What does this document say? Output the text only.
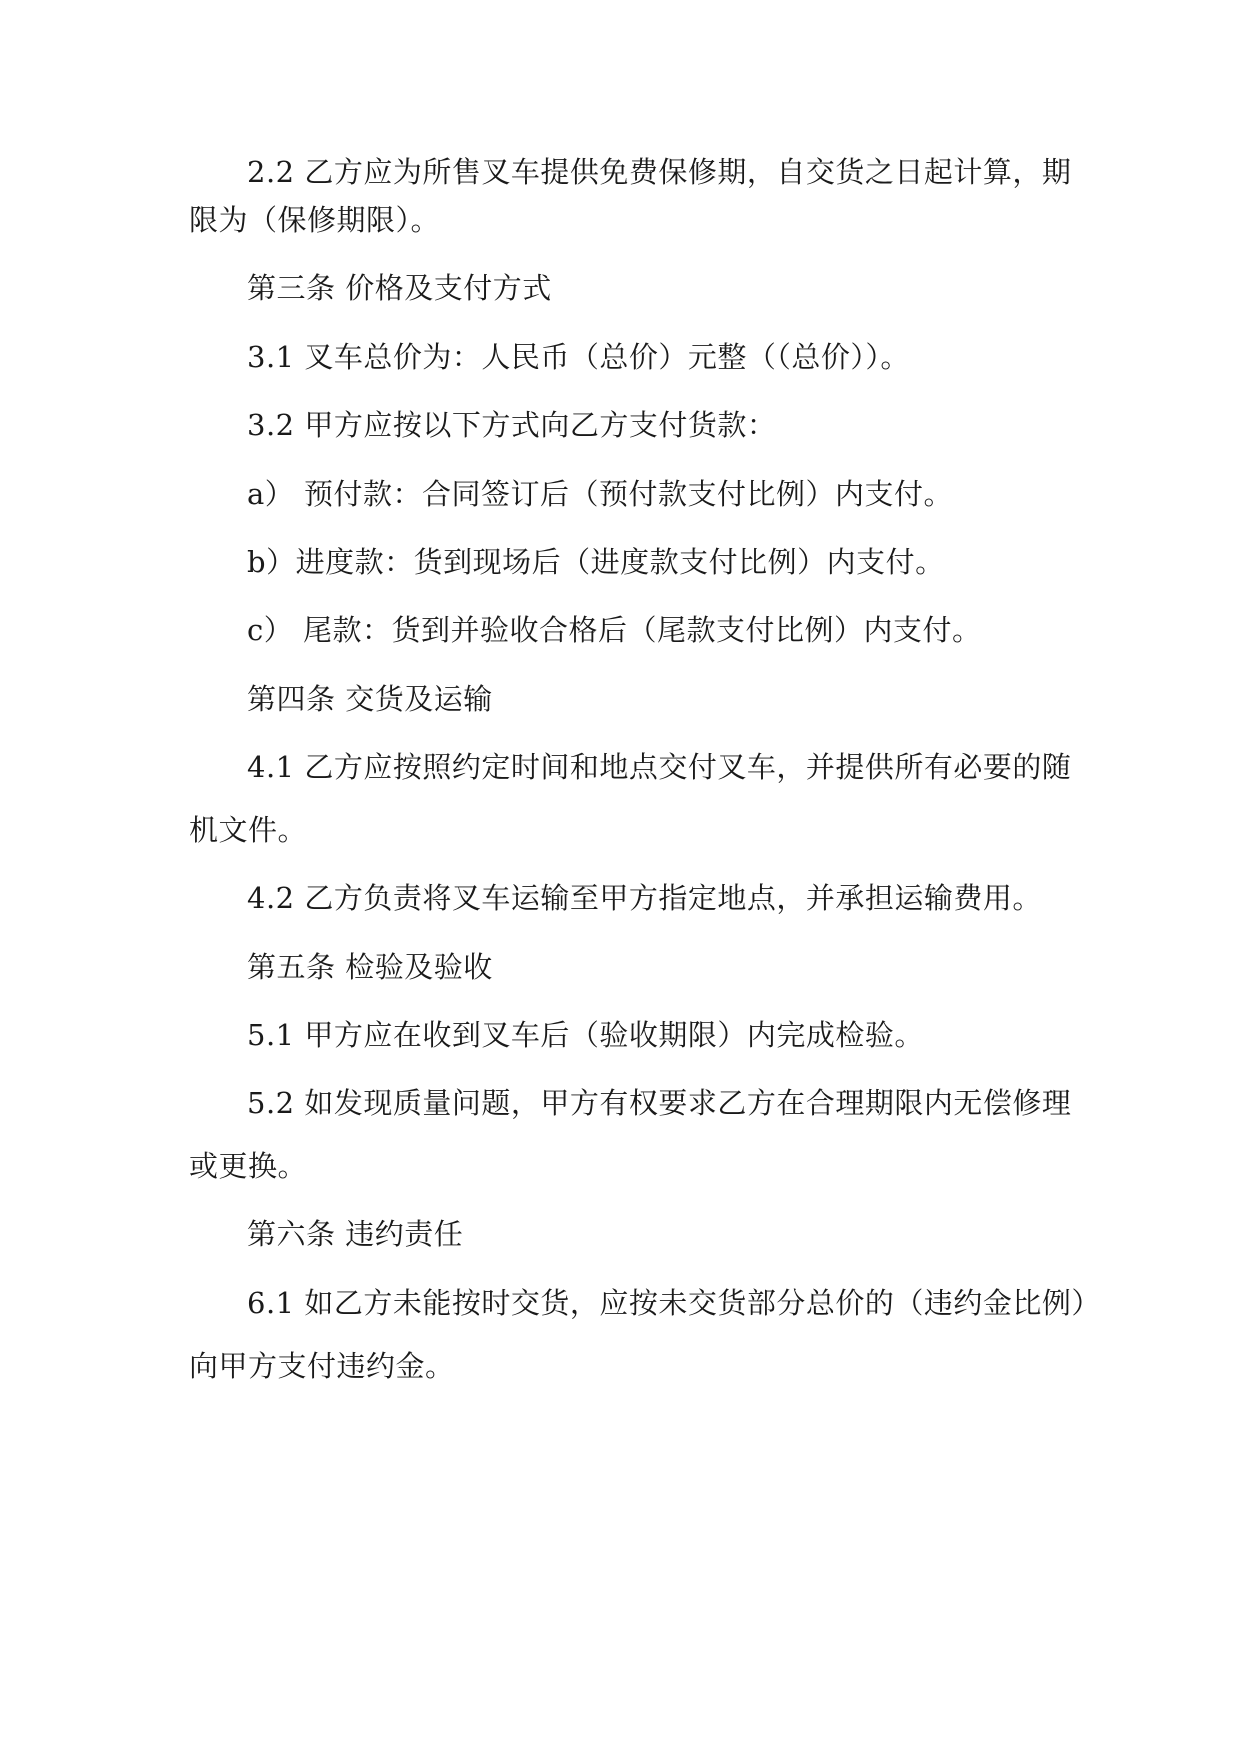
2.2 乙方应为所售叉车提供免费保修期，自交货之日起计算，期
限为（保修期限）。
第三条 价格及支付方式
3.1 叉车总价为：人民币（总价）元整（（总价））。
3.2 甲方应按以下方式向乙方支付货款：
a） 预付款：合同签订后（预付款支付比例）内支付。
b）进度款：货到现场后（进度款支付比例）内支付。
c） 尾款：货到并验收合格后（尾款支付比例）内支付。
第四条 交货及运输
4.1 乙方应按照约定时间和地点交付叉车，并提供所有必要的随
机文件。
4.2 乙方负责将叉车运输至甲方指定地点，并承担运输费用。
第五条 检验及验收
5.1 甲方应在收到叉车后（验收期限）内完成检验。
5.2 如发现质量问题，甲方有权要求乙方在合理期限内无偿修理
或更换。
第六条 违约责任
6.1 如乙方未能按时交货，应按未交货部分总价的（违约金比例）
向甲方支付违约金。
